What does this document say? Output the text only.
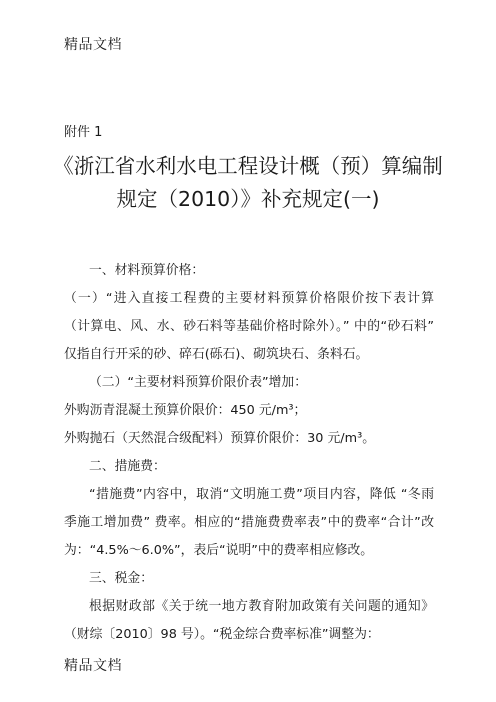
精品文档
附件 1
《浙江省水利水电工程设计概（预）算编制
规定（2010）》补充规定(一)
一、材料预算价格：
（一）“进入直接工程费的主要材料预算价格限价按下表计算
（计算电、风、水、砂石料等基础价格时除外）。” 中的“砂石料”
仅指自行开采的砂、碎石(砾石)、砌筑块石、条料石。
（二）“主要材料预算价限价表”增加：
外购沥青混凝土预算价限价：450 元/m³；
外购抛石（天然混合级配料）预算价限价：30 元/m³。
二、措施费：
“措施费”内容中，取消“文明施工费”项目内容，降低 “冬雨
季施工增加费” 费率。相应的“措施费费率表”中的费率“合计”改
为：“4.5%～6.0%”，表后“说明”中的费率相应修改。
三、税金：
根据财政部《关于统一地方教育附加政策有关问题的通知》
（财综〔2010〕98 号）。“税金综合费率标准”调整为：
精品文档
